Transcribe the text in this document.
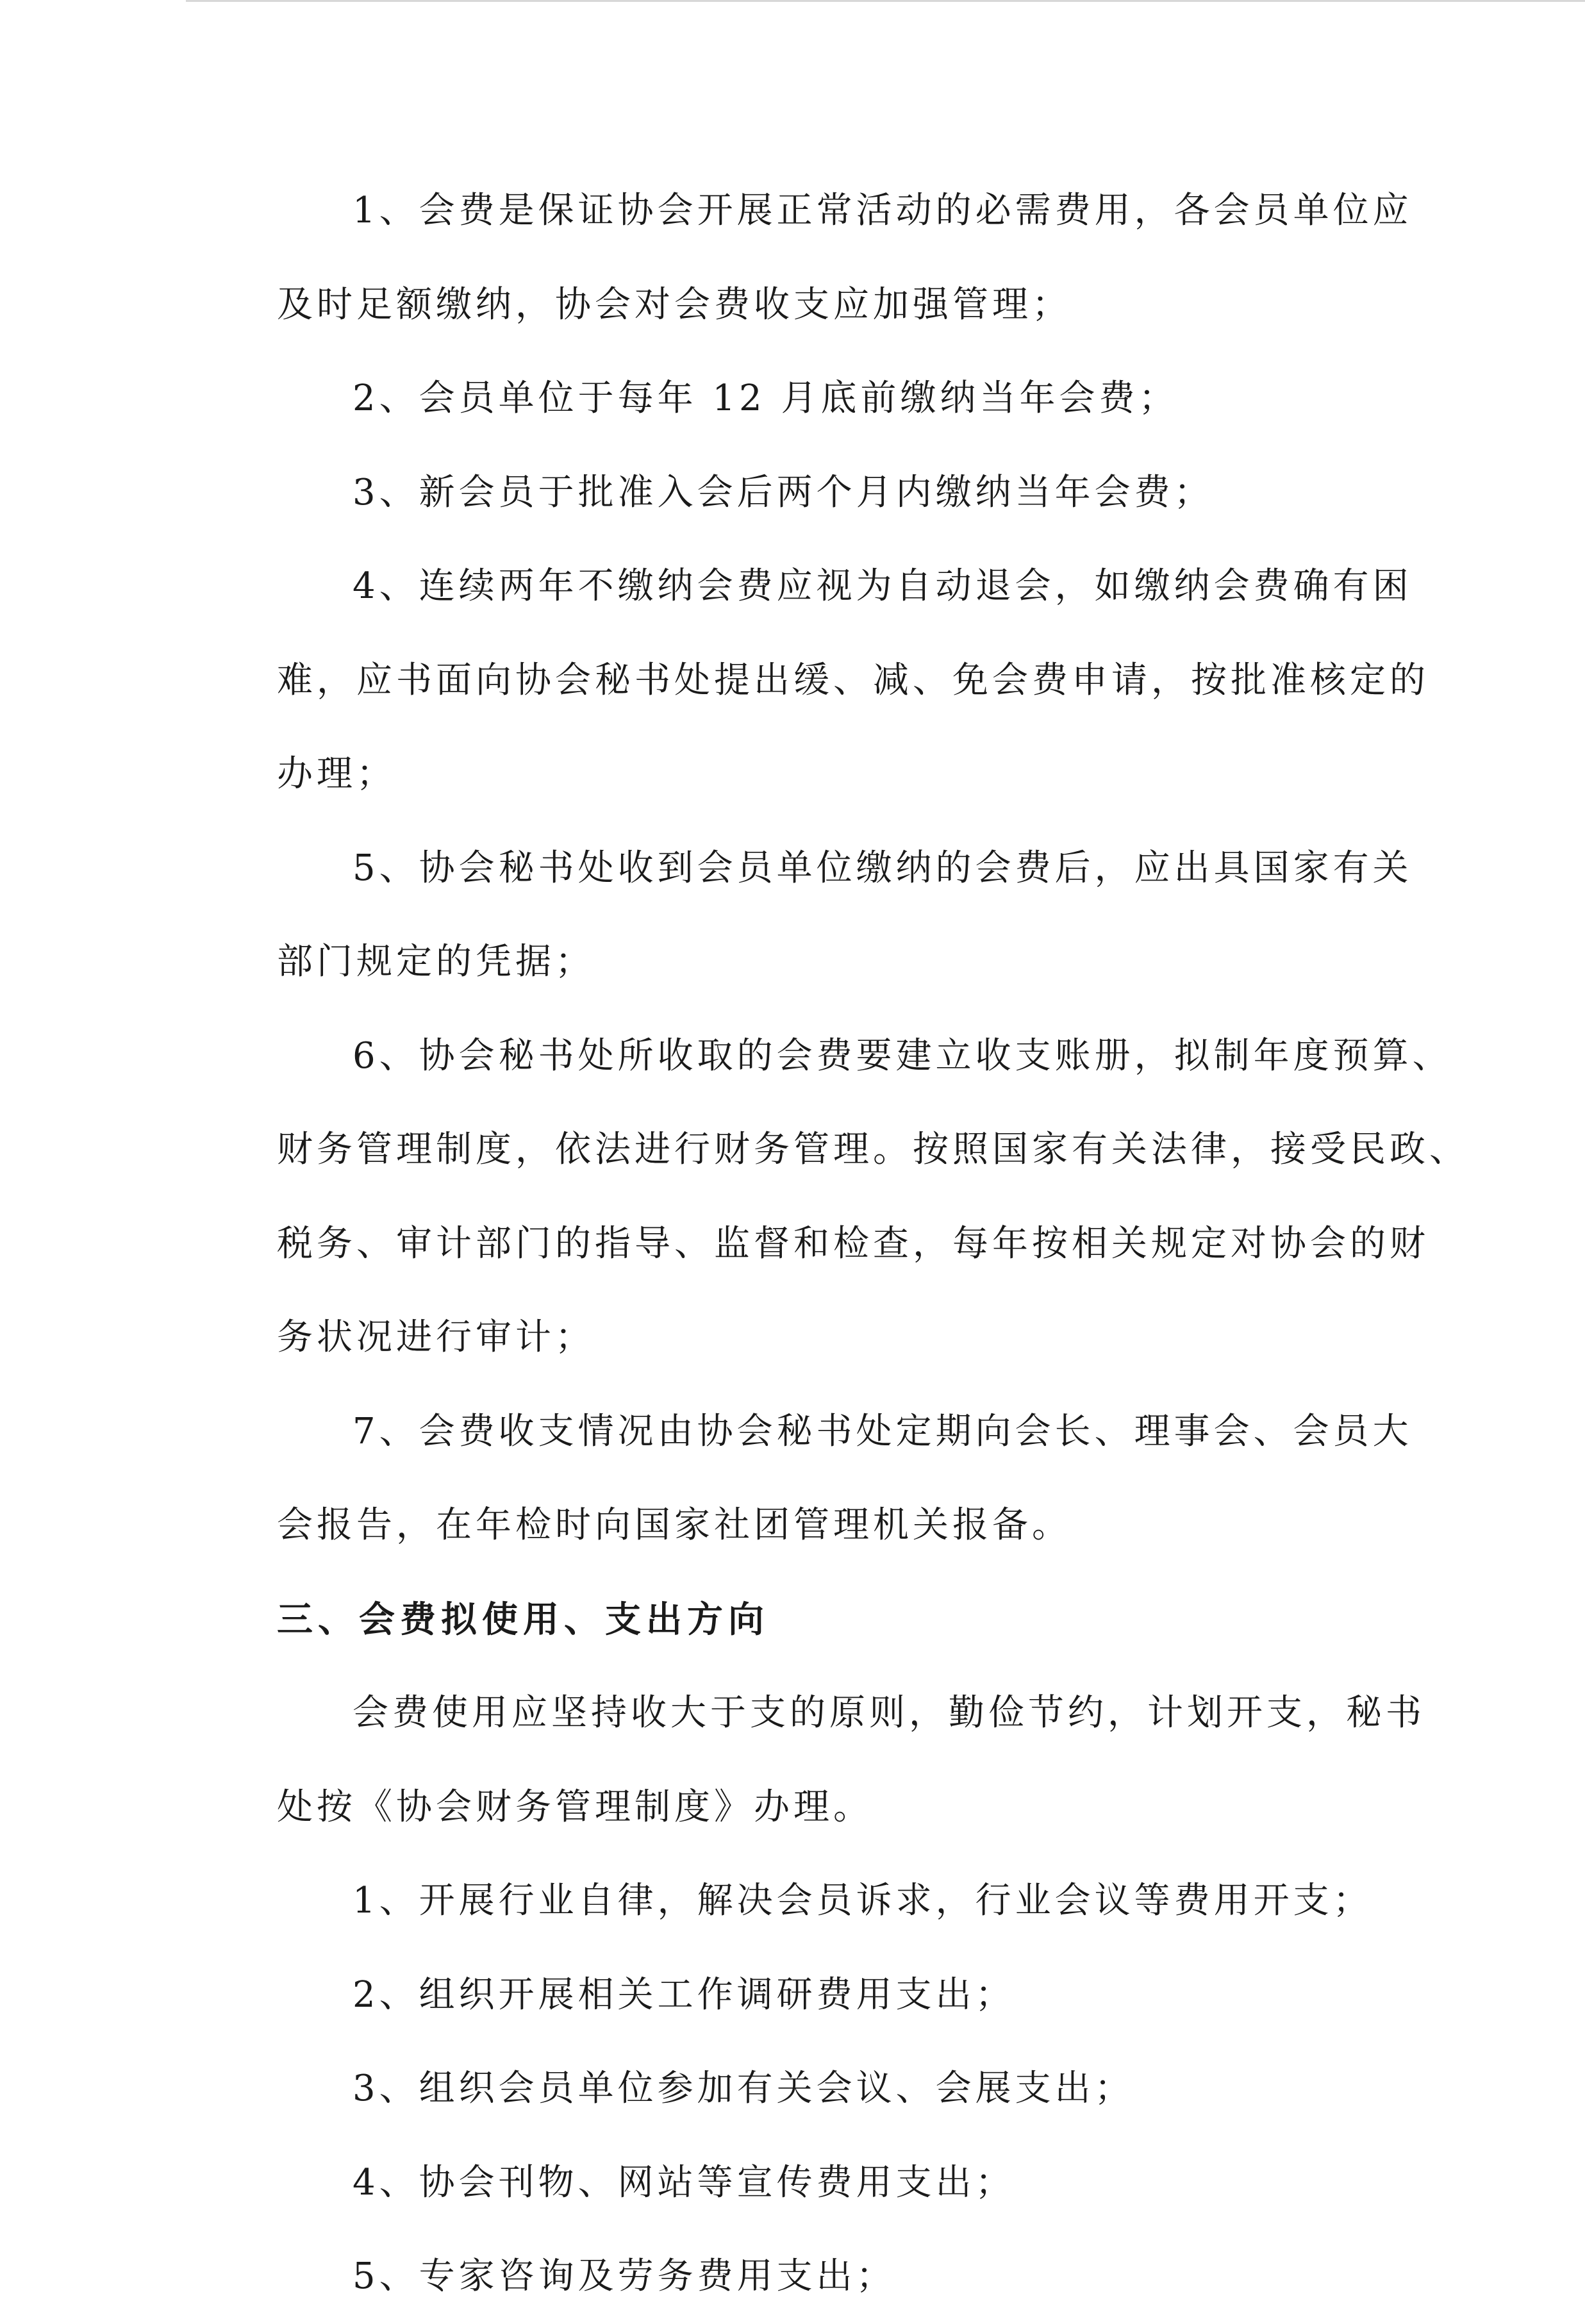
1、会费是保证协会开展正常活动的必需费用，各会员单位应
及时足额缴纳，协会对会费收支应加强管理；
2、会员单位于每年 12 月底前缴纳当年会费；
3、新会员于批准入会后两个月内缴纳当年会费；
4、连续两年不缴纳会费应视为自动退会，如缴纳会费确有困
难，应书面向协会秘书处提出缓、减、免会费申请，按批准核定的
办理；
5、协会秘书处收到会员单位缴纳的会费后，应出具国家有关
部门规定的凭据；
6、协会秘书处所收取的会费要建立收支账册，拟制年度预算、
财务管理制度，依法进行财务管理。按照国家有关法律，接受民政、
税务、审计部门的指导、监督和检查，每年按相关规定对协会的财
务状况进行审计；
7、会费收支情况由协会秘书处定期向会长、理事会、会员大
会报告，在年检时向国家社团管理机关报备。
三、会费拟使用、支出方向
会费使用应坚持收大于支的原则，勤俭节约，计划开支，秘书
处按《协会财务管理制度》办理。
1、开展行业自律，解决会员诉求，行业会议等费用开支；
2、组织开展相关工作调研费用支出；
3、组织会员单位参加有关会议、会展支出；
4、协会刊物、网站等宣传费用支出；
5、专家咨询及劳务费用支出；
